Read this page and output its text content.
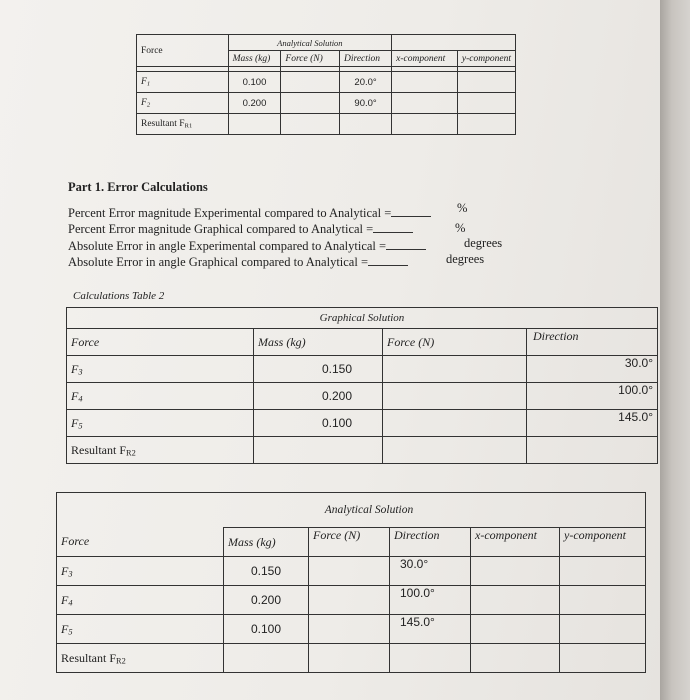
Force	Analytical Solution				
	Mass (kg)	Force (N)	Direction	x-component	y-component

$F_1$	0.100		20.0°		
$F_2$	0.200		90.0°		
Resultant $F_{R1}$					
Part 1. Error Calculations
Percent Error magnitude Experimental compared to Analytical =	%
Percent Error magnitude Graphical compared to Analytical =	%
Absolute Error in angle Experimental compared to Analytical =	degrees
Absolute Error in angle Graphical compared to Analytical =	degrees
Calculations Table 2
Graphical Solution			
Force	Mass (kg)	Force (N)	Direction
F3	0.150		30.0°
F4	0.200		100.0°
F5	0.100		145.0°
Resultant FR2			
Analytical Solution					
Force	Mass (kg)	Force (N)	Direction	x-component	y-component
F3	0.150		30.0°		
F4	0.200		100.0°		
F5	0.100		145.0°		
Resultant FR2					
